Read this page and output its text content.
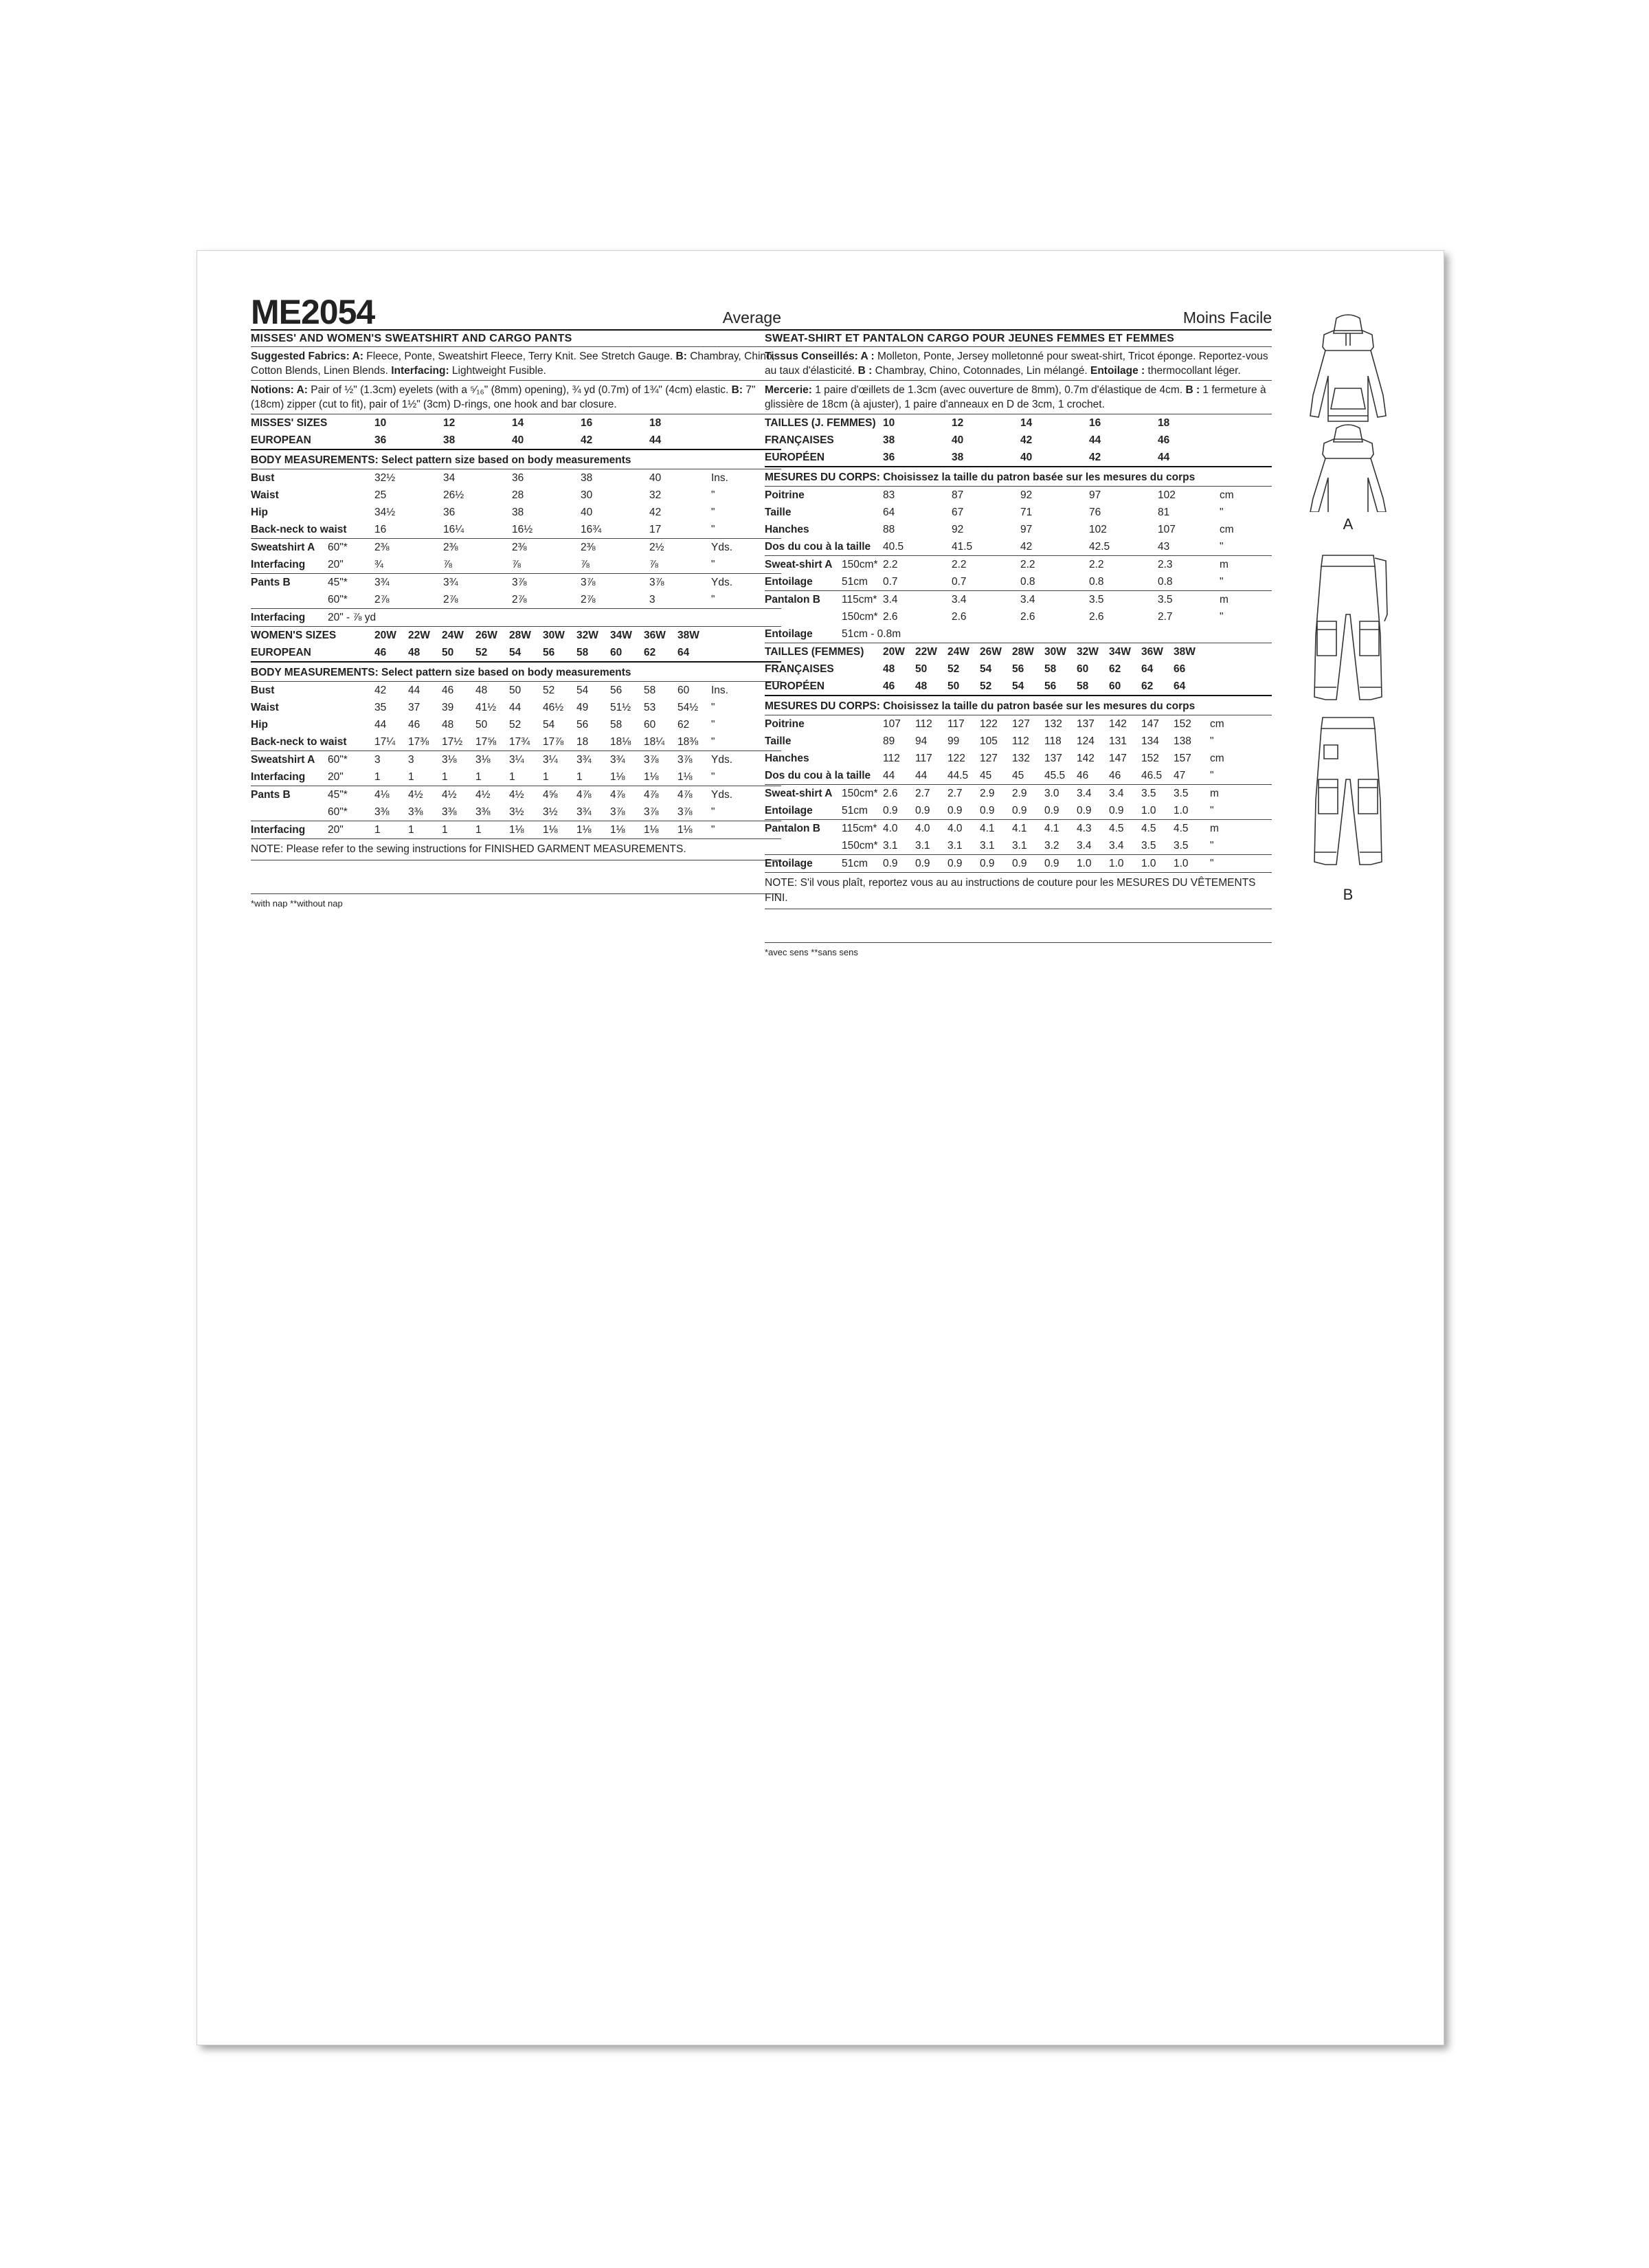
ME2054	Average
MISSES' AND WOMEN'S SWEATSHIRT AND CARGO PANTS
Suggested Fabrics: A: Fleece, Ponte, Sweatshirt Fleece, Terry Knit. See Stretch Gauge. B: Chambray, Chino, Cotton Blends, Linen Blends. Interfacing: Lightweight Fusible.
Notions: A: Pair of ½" (1.3cm) eyelets (with a ⁵⁄₁₆" (8mm) opening), ¾ yd (0.7m) of 1¾" (4cm) elastic. B: 7"(18cm) zipper (cut to fit), pair of 1½" (3cm) D-rings, one hook and bar closure.
MISSES' SIZES	10	12	14	16	18
EUROPEAN	36	38	40	42	44
BODY MEASUREMENTS: Select pattern size based on body measurements
Bust	32½	34	36	38	40	Ins.
Waist	25	26½	28	30	32	"
Hip	34½	36	38	40	42	"
Back-neck to waist	16	16¼	16½	16¾	17	"
Sweatshirt A 60"*	2⅜	2⅜	2⅜	2⅜	2½	Yds.
Interfacing 20"	¾	⅞	⅞	⅞	⅞	"
Pants B	45"*	3¾	3¾	3⅞	3⅞	3⅞	Yds.
60"*	2⅞	2⅞	2⅞	2⅞	3	"
Interfacing 20" - ⅞ yd
WOMEN'S SIZES	20W 22W 24W 26W 28W 30W 32W 34W 36W 38W
EUROPEAN	46 48 50 52 54 56 58 60 62 64
BODY MEASUREMENTS: Select pattern size based on body measurements
Bust	42 44 46 48 50 52 54 56 58 60 Ins.
Waist	35 37 39 41½ 44 46½ 49 51½ 53 54½ "
Hip	44 46 48 50 52 54 56 58 60 62 "
Back-neck to waist	17¼ 17⅜ 17½ 17⅝ 17¾ 17⅞ 18 18⅛ 18¼ 18⅜ "
Sweatshirt A 60"*	3	3	3⅛ 3⅛ 3¼ 3¼ 3¾ 3¾ 3⅞ 3⅞ Yds.
Interfacing 20"	1	1	1	1	1	1	1	1⅛ 1⅛ 1⅛ "
Pants B	45"*	4⅛ 4½ 4½ 4½ 4½ 4⅝ 4⅞ 4⅞ 4⅞ 4⅞ Yds.
60"*	3⅜ 3⅜ 3⅜ 3⅜ 3½ 3½ 3¾ 3⅞ 3⅞ 3⅞ "
Interfacing 20"	1	1	1	1	1⅛ 1⅛ 1⅛ 1⅛ 1⅛ 1⅛ "
NOTE: Please refer to the sewing instructions for FINISHED GARMENT MEASUREMENTS.
*with nap **without nap
Moins Facile
SWEAT-SHIRT ET PANTALON CARGO POUR JEUNES FEMMES ET FEMMES
Tissus Conseillés: A : Molleton, Ponte, Jersey molletonné pour sweat-shirt, Tricot éponge. Reportez-vous au taux d'élasticité. B : Chambray, Chino, Cotonnades, Lin mélangé. Entoilage : thermocollant léger.
Mercerie: 1 paire d'œillets de 1.3cm (avec ouverture de 8mm), 0.7m d'élastique de 4cm. B : 1 fermeture à glissière de 18cm (à ajuster), 1 paire d'anneaux en D de 3cm, 1 crochet.
TAILLES (J. FEMMES) 10	12	14	16	18
FRANÇAISES	38	40	42	44	46
EUROPÉEN	36	38	40	42	44
MESURES DU CORPS: Choisissez la taille du patron basée sur les mesures du corps
Poitrine	83	87	92	97	102	cm
Taille	64	67	71	76	81	"
Hanches	88	92	97	102	107	cm
Dos du cou à la taille 40.5	41.5	42	42.5	43	"
Sweat-shirt A 150cm* 2.2	2.2	2.2	2.2	2.3	m
Entoilage	51cm 0.7	0.7	0.8	0.8	0.8	"
Pantalon B 115cm* 3.4	3.4	3.4	3.5	3.5	m
150cm* 2.6	2.6	2.6	2.6	2.7	"
Entoilage	51cm - 0.8m
TAILLES (FEMMES) 20W 22W 24W 26W 28W 30W 32W 34W 36W 38W
FRANÇAISES	48 50 52 54 56 58 60 62 64 66
EUROPÉEN	46 48 50 52 54 56 58 60 62 64
MESURES DU CORPS: Choisissez la taille du patron basée sur les mesures du corps
Poitrine	107 112 117 122 127 132 137 142 147 152 cm
Taille	89 94 99 105 112 118 124 131 134 138 "
Hanches	112 117 122 127 132 137 142 147 152 157 cm
Dos du cou à la taille 44 44 44.5 45 45 45.5 46 46 46.5 47 "
Sweat-shirt A 150cm* 2.6 2.7 2.7 2.9 2.9 3.0 3.4 3.4 3.5 3.5 m
Entoilage	51cm 0.9 0.9 0.9 0.9 0.9 0.9 0.9 0.9 1.0 1.0 "
Pantalon B 115cm* 4.0 4.0 4.0 4.1 4.1 4.1 4.3 4.5 4.5 4.5 m
150cm* 3.1 3.1 3.1 3.1 3.1 3.2 3.4 3.4 3.5 3.5 "
Entoilage	51cm 0.9 0.9 0.9 0.9 0.9 0.9 1.0 1.0 1.0 1.0 "
NOTE: S'il vous plaît, reportez vous au au instructions de couture pour les MESURES DU VÊTEMENTS FINI.
*avec sens **sans sens
A
B
